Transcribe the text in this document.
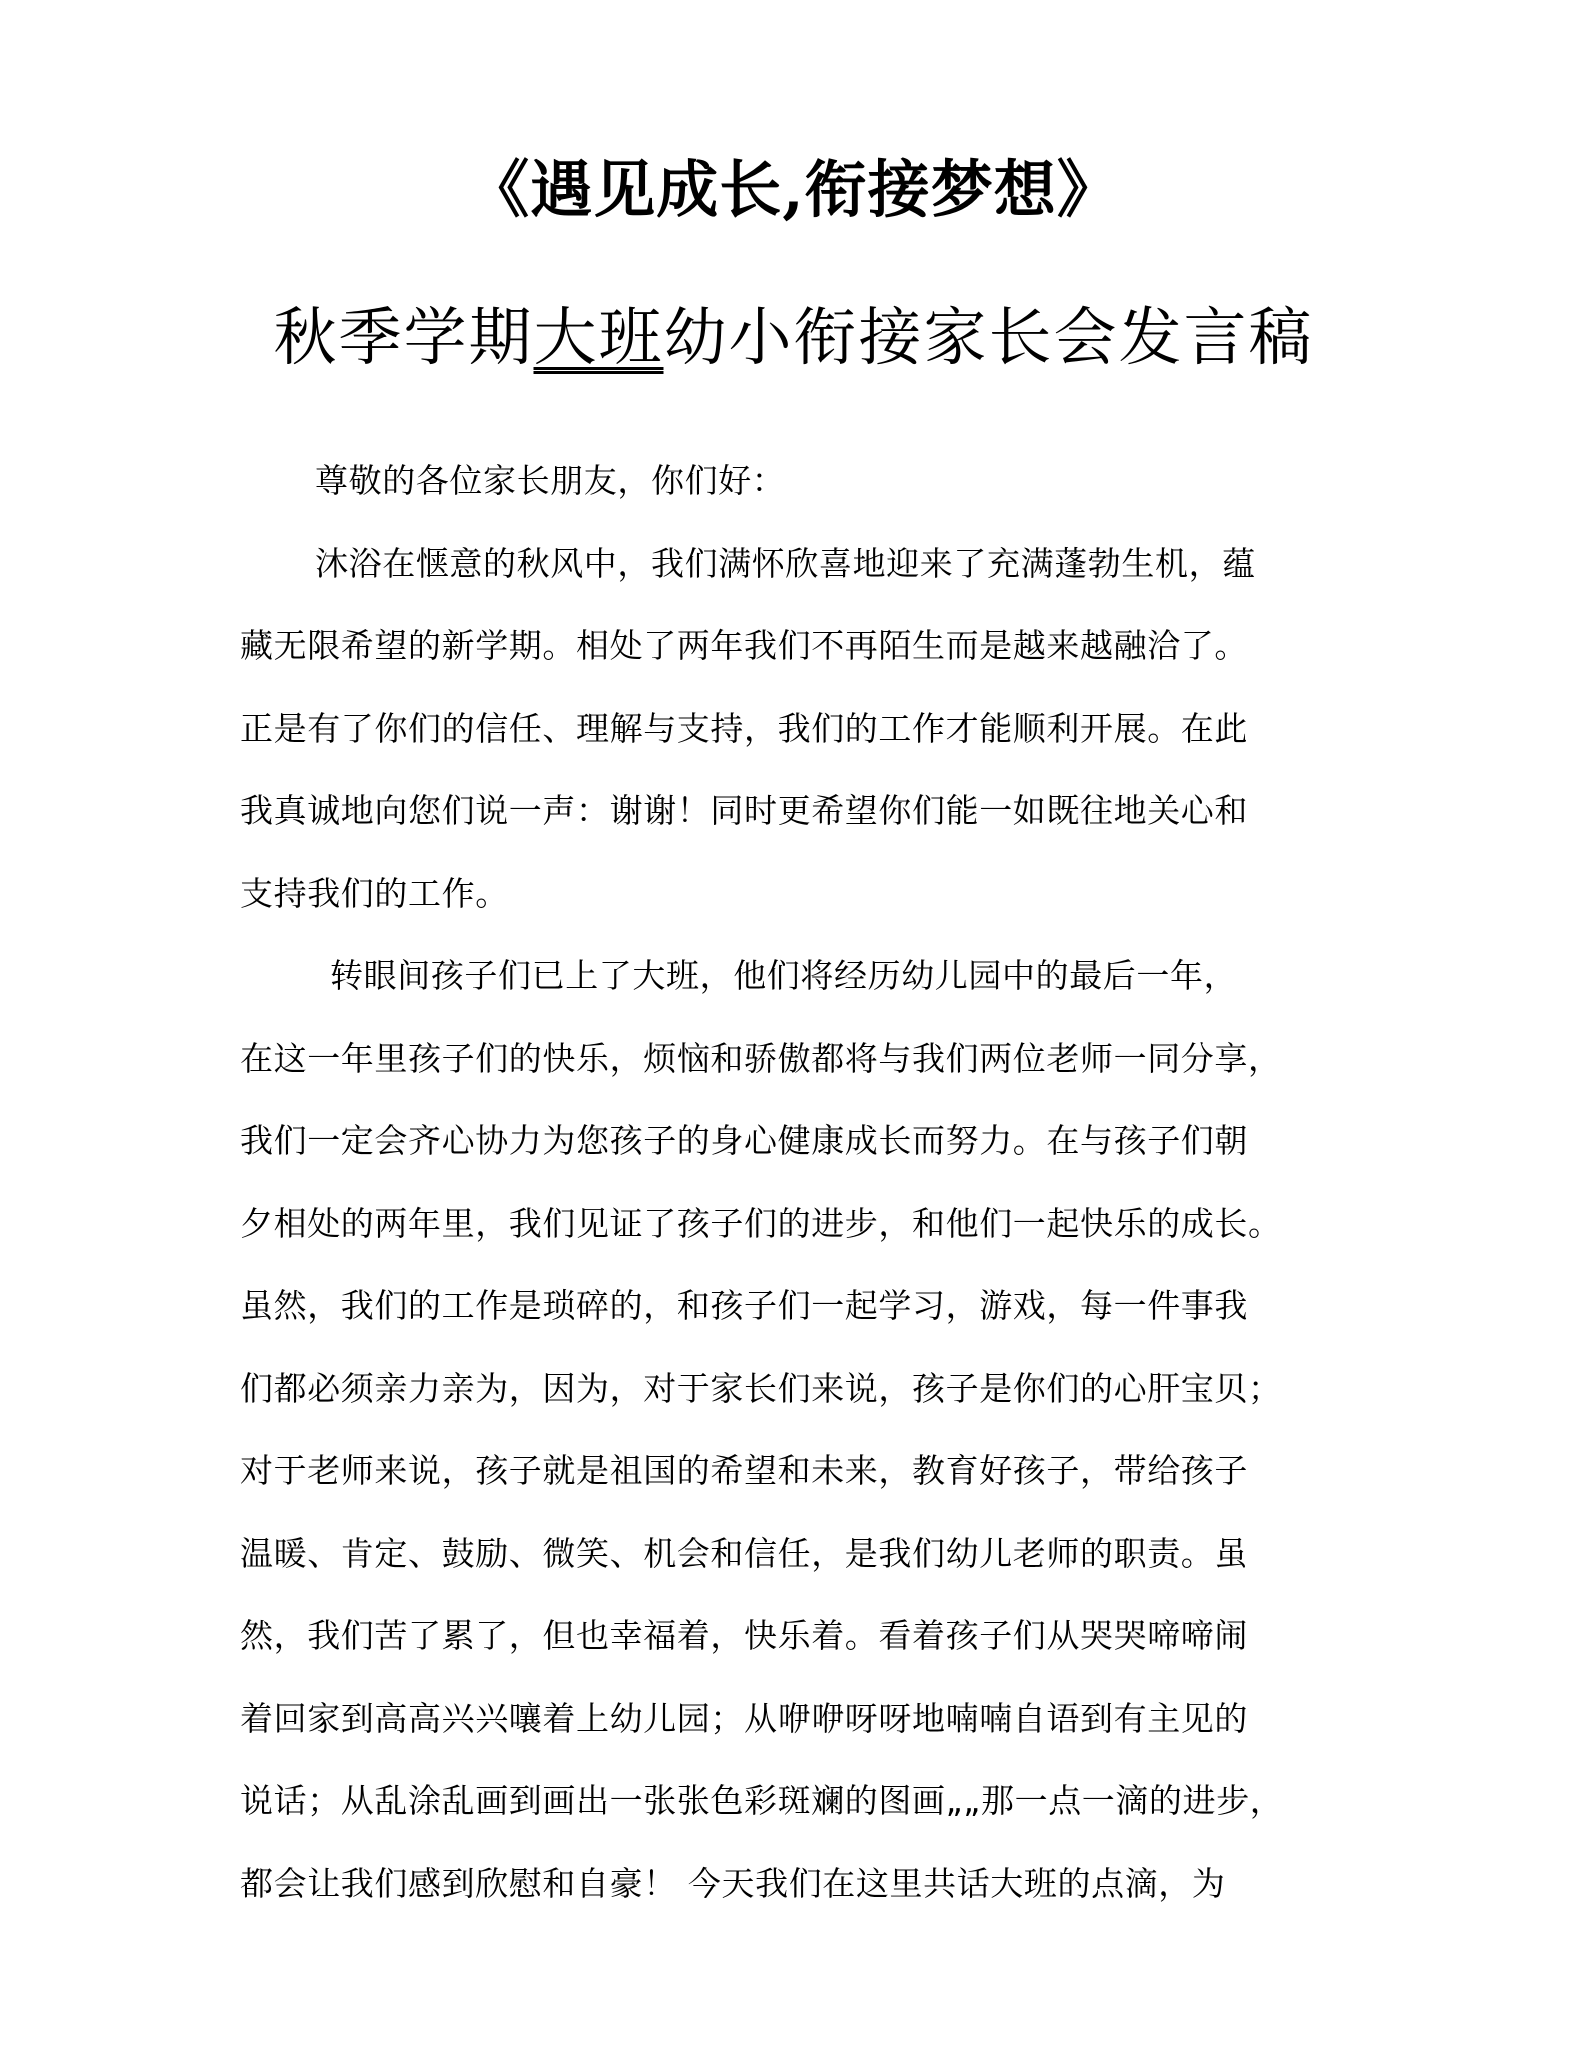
《遇见成长,衔接梦想》
秋季学期大班幼小衔接家长会发言稿
尊敬的各位家长朋友，你们好：
沐浴在惬意的秋风中，我们满怀欣喜地迎来了充满蓬勃生机，蕴
藏无限希望的新学期。相处了两年我们不再陌生而是越来越融洽了。
正是有了你们的信任、理解与支持，我们的工作才能顺利开展。在此
我真诚地向您们说一声：谢谢！同时更希望你们能一如既往地关心和
支持我们的工作。
转眼间孩子们已上了大班，他们将经历幼儿园中的最后一年，
在这一年里孩子们的快乐，烦恼和骄傲都将与我们两位老师一同分享，
我们一定会齐心协力为您孩子的身心健康成长而努力。在与孩子们朝
夕相处的两年里，我们见证了孩子们的进步，和他们一起快乐的成长。
虽然，我们的工作是琐碎的，和孩子们一起学习，游戏，每一件事我
们都必须亲力亲为，因为，对于家长们来说，孩子是你们的心肝宝贝；
对于老师来说，孩子就是祖国的希望和未来，教育好孩子，带给孩子
温暖、肯定、鼓励、微笑、机会和信任，是我们幼儿老师的职责。虽
然，我们苦了累了，但也幸福着，快乐着。看着孩子们从哭哭啼啼闹
着回家到高高兴兴嚷着上幼儿园；从咿咿呀呀地喃喃自语到有主见的
说话；从乱涂乱画到画出一张张色彩斑斓的图画„„那一点一滴的进步，
都会让我们感到欣慰和自豪！ 今天我们在这里共话大班的点滴，为
